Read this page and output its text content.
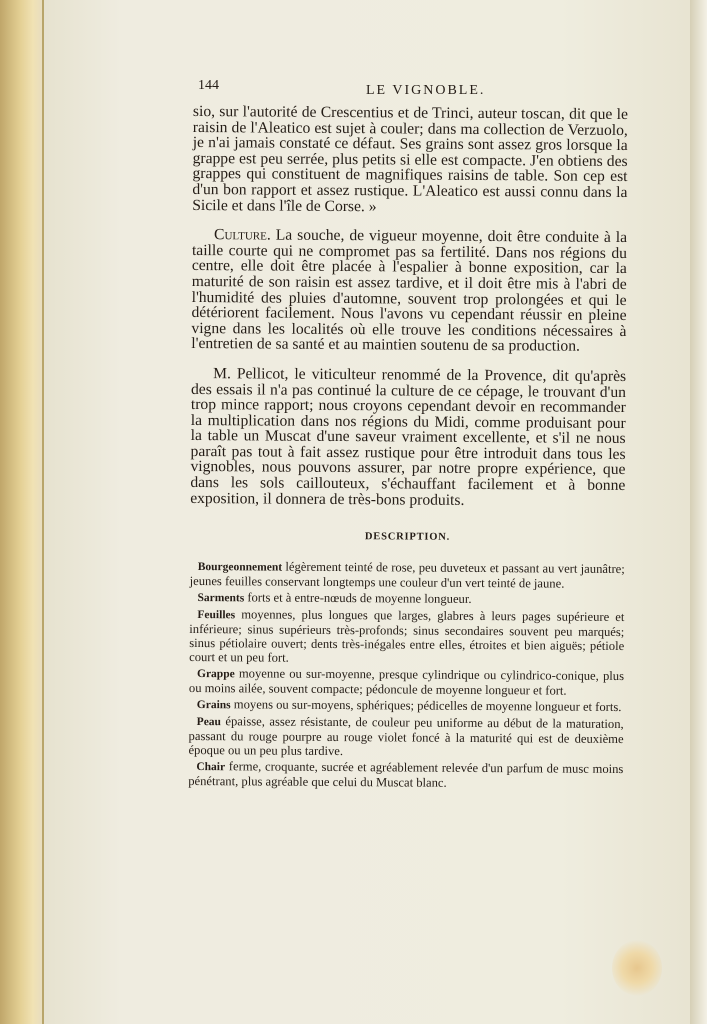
144	LE VIGNOBLE.

sio, sur l'autorité de Crescentius et de Trinci, auteur toscan, dit que le raisin de l'Aleatico est sujet à couler; dans ma collection de Verzuolo, je n'ai jamais constaté ce défaut. Ses grains sont assez gros lorsque la grappe est peu serrée, plus petits si elle est compacte. J'en obtiens des grappes qui constituent de magnifiques raisins de table. Son cep est d'un bon rapport et assez rustique. L'Aleatico est aussi connu dans la Sicile et dans l'île de Corse. »

Culture. La souche, de vigueur moyenne, doit être conduite à la taille courte qui ne compromet pas sa fertilité. Dans nos régions du centre, elle doit être placée à l'espalier à bonne exposition, car la maturité de son raisin est assez tardive, et il doit être mis à l'abri de l'humidité des pluies d'automne, souvent trop prolongées et qui le détériorent facilement. Nous l'avons vu cependant réussir en pleine vigne dans les localités où elle trouve les conditions nécessaires à l'entretien de sa santé et au maintien soutenu de sa production.

M. Pellicot, le viticulteur renommé de la Provence, dit qu'après des essais il n'a pas continué la culture de ce cépage, le trouvant d'un trop mince rapport; nous croyons cependant devoir en recommander la multiplication dans nos régions du Midi, comme produisant pour la table un Muscat d'une saveur vraiment excellente, et s'il ne nous paraît pas tout à fait assez rustique pour être introduit dans tous les vignobles, nous pouvons assurer, par notre propre expérience, que dans les sols caillouteux, s'échauffant facilement et à bonne exposition, il donnera de très-bons produits.

DESCRIPTION.

Bourgeonnement légèrement teinté de rose, peu duveteux et passant au vert jaunâtre; jeunes feuilles conservant longtemps une couleur d'un vert teinté de jaune.

Sarments forts et à entre-nœuds de moyenne longueur.

Feuilles moyennes, plus longues que larges, glabres à leurs pages supérieure et inférieure; sinus supérieurs très-profonds; sinus secondaires souvent peu marqués; sinus pétiolaire ouvert; dents très-inégales entre elles, étroites et bien aiguës; pétiole court et un peu fort.

Grappe moyenne ou sur-moyenne, presque cylindrique ou cylindrico-conique, plus ou moins ailée, souvent compacte; pédoncule de moyenne longueur et fort.

Grains moyens ou sur-moyens, sphériques; pédicelles de moyenne longueur et forts.

Peau épaisse, assez résistante, de couleur peu uniforme au début de la maturation, passant du rouge pourpre au rouge violet foncé à la maturité qui est de deuxième époque ou un peu plus tardive.

Chair ferme, croquante, sucrée et agréablement relevée d'un parfum de musc moins pénétrant, plus agréable que celui du Muscat blanc.
